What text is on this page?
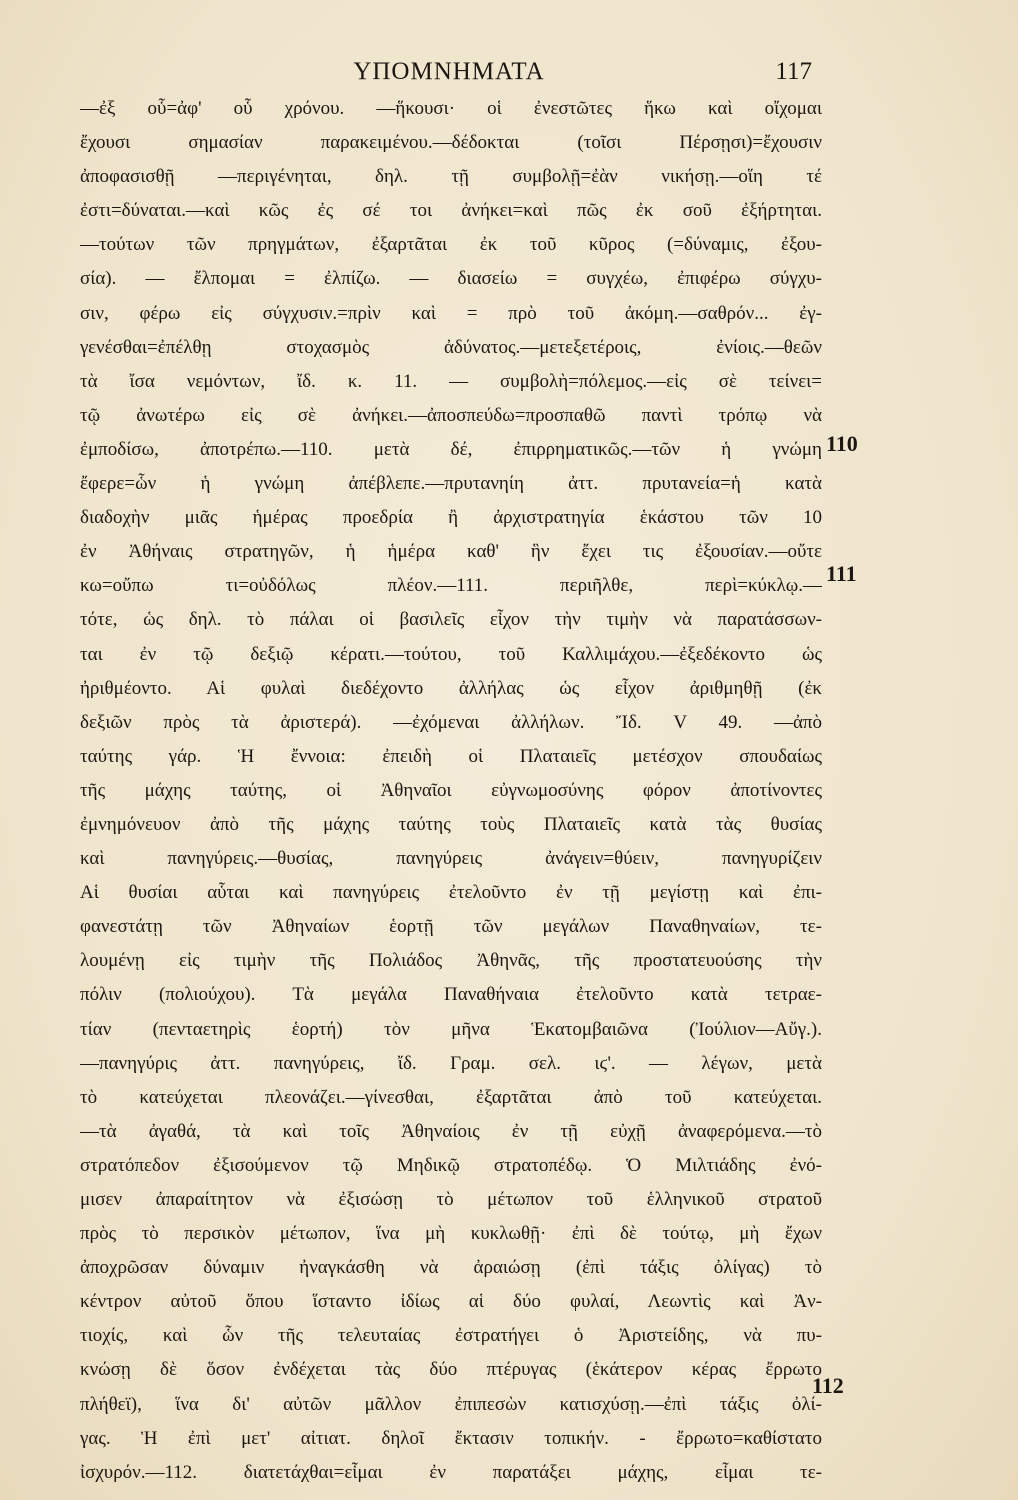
ΥΠΟΜΝΗΜΑΤΑ	117
—ἐξ οὗ=ἀφ' οὗ χρόνου. —ἥκουσι· οἱ ἐνεστῶτες ἥκω καὶ οἴχομαι
ἔχουσι σημασίαν παρακειμένου.—δέδοκται (τοῖσι Πέρσῃσι)=ἔχουσιν
ἀποφασισθῇ —περιγένηται, δηλ. τῇ συμβολῇ=ἐὰν νικήσῃ.—οἵη τέ
ἐστι=δύναται.—καὶ κῶς ἐς σέ τοι ἀνήκει=καὶ πῶς ἐκ σοῦ ἐξήρτηται.
—τούτων τῶν πρηγμάτων, ἐξαρτᾶται ἐκ τοῦ κῦρος (=δύναμις, ἐξου-
σία). — ἔλπομαι = ἐλπίζω. — διασείω = συγχέω, ἐπιφέρω σύγχυ-
σιν, φέρω εἰς σύγχυσιν.=πρὶν καὶ = πρὸ τοῦ ἀκόμη.—σαθρόν... ἐγ-
γενέσθαι=ἐπέλθῃ στοχασμὸς ἀδύνατος.—μετεξετέροις, ἐνίοις.—θεῶν
τὰ ἴσα νεμόντων, ἴδ. κ. 11. — συμβολὴ=πόλεμος.—εἰς σὲ τείνει=
τῷ ἀνωτέρω εἰς σὲ ἀνήκει.—ἀποσπεύδω=προσπαθῶ παντὶ τρόπῳ νὰ
ἐμποδίσω, ἀποτρέπω.—110. μετὰ δέ, ἐπιρρηματικῶς.—τῶν ἡ γνώμη
ἔφερε=ὧν ἡ γνώμη ἀπέβλεπε.—πρυτανηίη ἀττ. πρυτανεία=ἡ κατὰ
διαδοχὴν μιᾶς ἡμέρας προεδρία ἢ ἀρχιστρατηγία ἑκάστου τῶν 10
ἐν Ἀθήναις στρατηγῶν, ἡ ἡμέρα καθ' ἣν ἔχει τις ἐξουσίαν.—οὔτε
κω=οὔπω τι=οὐδόλως πλέον.—111. περιῆλθε, περὶ=κύκλῳ.—
τότε, ὡς δηλ. τὸ πάλαι οἱ βασιλεῖς εἶχον τὴν τιμὴν νὰ παρατάσσων-
ται ἐν τῷ δεξιῷ κέρατι.—τούτου, τοῦ Καλλιμάχου.—ἐξεδέκοντο ὡς
ἠριθμέοντο. Αἱ φυλαὶ διεδέχοντο ἀλλήλας ὡς εἶχον ἀριθμηθῇ (ἐκ
δεξιῶν πρὸς τὰ ἀριστερά). —ἐχόμεναι ἀλλήλων. Ἴδ. V 49. —ἀπὸ
ταύτης γάρ. Ἡ ἔννοια: ἐπειδὴ οἱ Πλαταιεῖς μετέσχον σπουδαίως
τῆς μάχης ταύτης, οἱ Ἀθηναῖοι εὐγνωμοσύνης φόρον ἀποτίνοντες
ἐμνημόνευον ἀπὸ τῆς μάχης ταύτης τοὺς Πλαταιεῖς κατὰ τὰς θυσίας
καὶ πανηγύρεις.—θυσίας, πανηγύρεις ἀνάγειν=θύειν, πανηγυρίζειν
Αἱ θυσίαι αὗται καὶ πανηγύρεις ἐτελοῦντο ἐν τῇ μεγίστῃ καὶ ἐπι-
φανεστάτῃ τῶν Ἀθηναίων ἑορτῇ τῶν μεγάλων Παναθηναίων, τε-
λουμένῃ εἰς τιμὴν τῆς Πολιάδος Ἀθηνᾶς, τῆς προστατευούσης τὴν
πόλιν (πολιούχου). Τὰ μεγάλα Παναθήναια ἐτελοῦντο κατὰ τετραε-
τίαν (πενταετηρὶς ἑορτή) τὸν μῆνα Ἑκατομβαιῶνα (Ἰούλιον—Αὔγ.).
—πανηγύρις ἀττ. πανηγύρεις, ἴδ. Γραμ. σελ. ιϛ'. — λέγων, μετὰ
τὸ κατεύχεται πλεονάζει.—γίνεσθαι, ἐξαρτᾶται ἀπὸ τοῦ κατεύχεται.
—τὰ ἀγαθά, τὰ καὶ τοῖς Ἀθηναίοις ἐν τῇ εὐχῇ ἀναφερόμενα.—τὸ
στρατόπεδον ἐξισούμενον τῷ Μηδικῷ στρατοπέδῳ. Ὁ Μιλτιάδης ἐνό-
μισεν ἀπαραίτητον νὰ ἐξισώσῃ τὸ μέτωπον τοῦ ἑλληνικοῦ στρατοῦ
πρὸς τὸ περσικὸν μέτωπον, ἵνα μὴ κυκλωθῇ· ἐπὶ δὲ τούτῳ, μὴ ἔχων
ἀποχρῶσαν δύναμιν ἠναγκάσθη νὰ ἀραιώσῃ (ἐπὶ τάξις ὀλίγας) τὸ
κέντρον αὐτοῦ ὅπου ἵσταντο ἰδίως αἱ δύο φυλαί, Λεωντὶς καὶ Ἀν-
τιοχίς, καὶ ὧν τῆς τελευταίας ἐστρατήγει ὁ Ἀριστείδης, νὰ πυ-
κνώσῃ δὲ ὅσον ἐνδέχεται τὰς δύο πτέρυγας (ἑκάτερον κέρας ἔρρωτο
πλήθεϊ), ἵνα δι' αὐτῶν μᾶλλον ἐπιπεσὼν κατισχύσῃ.—ἐπὶ τάξις ὀλί-
γας. Ἡ ἐπὶ μετ' αἰτιατ. δηλοῖ ἔκτασιν τοπικήν. - ἔρρωτο=καθίστατο
ἰσχυρόν.—112. διατετάχθαι=εἶμαι ἐν παρατάξει μάχης, εἶμαι τε-
110
111
112
